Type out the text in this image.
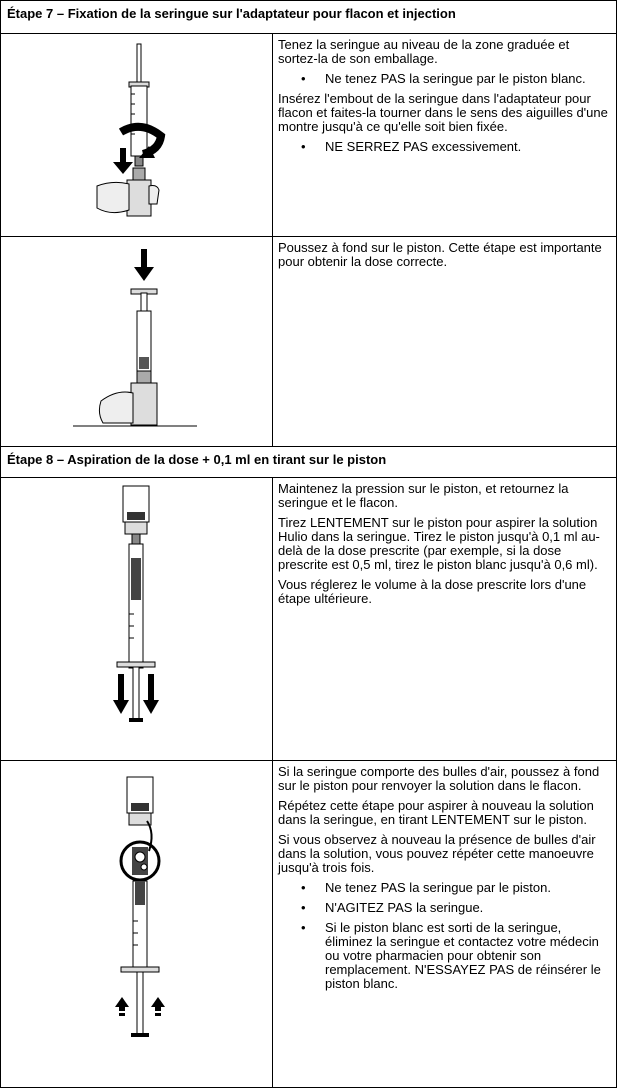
Étape 7 – Fixation de la seringue sur l'adaptateur pour flacon et injection

Tenez la seringue au niveau de la zone graduée et sortez-la de son emballage.

• Ne tenez PAS la seringue par le piston blanc.

Insérez l'embout de la seringue dans l'adaptateur pour flacon et faites-la tourner dans le sens des aiguilles d'une montre jusqu'à ce qu'elle soit bien fixée.

• NE SERREZ PAS excessivement.

Poussez à fond sur le piston. Cette étape est importante pour obtenir la dose correcte.

Étape 8 – Aspiration de la dose + 0,1 ml en tirant sur le piston

Maintenez la pression sur le piston, et retournez la seringue et le flacon.

Tirez LENTEMENT sur le piston pour aspirer la solution Hulio dans la seringue. Tirez le piston jusqu'à 0,1 ml au-delà de la dose prescrite (par exemple, si la dose prescrite est 0,5 ml, tirez le piston blanc jusqu'à 0,6 ml).

Vous réglerez le volume à la dose prescrite lors d'une étape ultérieure.

Si la seringue comporte des bulles d'air, poussez à fond sur le piston pour renvoyer la solution dans le flacon.

Répétez cette étape pour aspirer à nouveau la solution dans la seringue, en tirant LENTEMENT sur le piston.

Si vous observez à nouveau la présence de bulles d'air dans la solution, vous pouvez répéter cette manoeuvre jusqu'à trois fois.

• Ne tenez PAS la seringue par le piston.
• N'AGITEZ PAS la seringue.
• Si le piston blanc est sorti de la seringue, éliminez la seringue et contactez votre médecin ou votre pharmacien pour obtenir son remplacement. N'ESSAYEZ PAS de réinsérer le piston blanc.
